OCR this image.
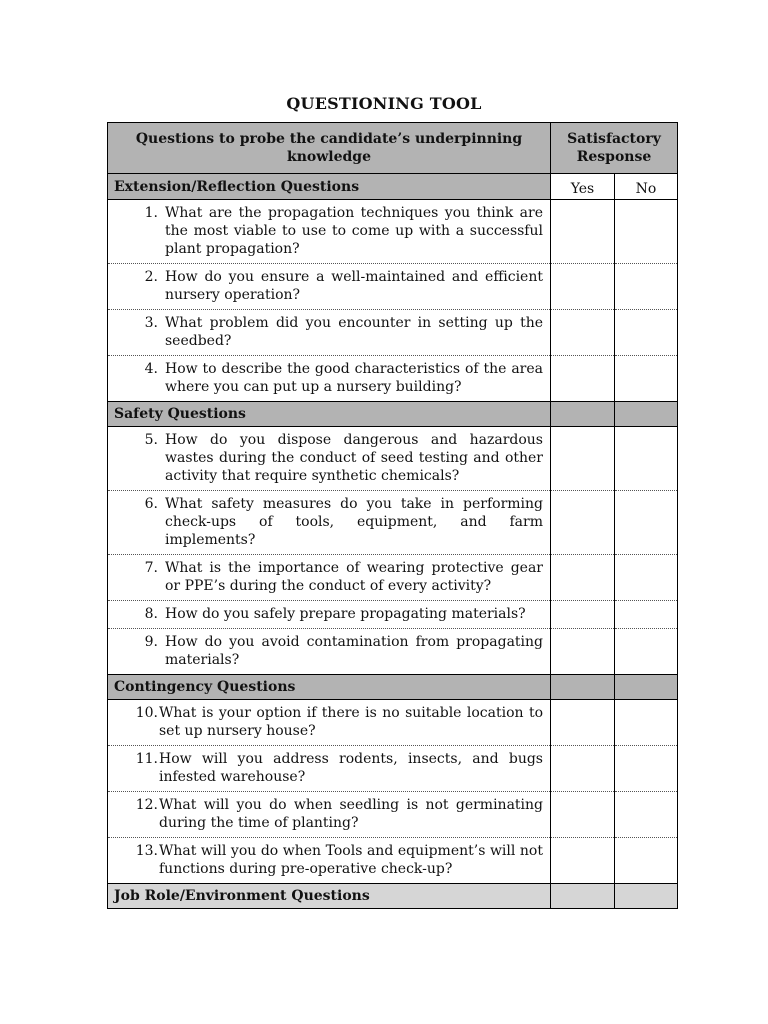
QUESTIONING TOOL
Questions to probe the candidate’s underpinning knowledge	Satisfactory Response	
Extension/Reflection Questions	Yes	No

1. What are the propagation techniques you think are the most viable to use to come up with a successful plant propagation?		

2. How do you ensure a well-maintained and efficient nursery operation?		

3. What problem did you encounter in setting up the seedbed?		

4. How to describe the good characteristics of the area where you can put up a nursery building?		

Safety Questions		

5. How do you dispose dangerous and hazardous wastes during the conduct of seed testing and other activity that require synthetic chemicals?		

6. What safety measures do you take in performing check-ups of tools, equipment, and farm implements?		

7. What is the importance of wearing protective gear or PPE’s during the conduct of every activity?		

8. How do you safely prepare propagating materials?		

9. How do you avoid contamination from propagating materials?		

Contingency Questions		

10. What is your option if there is no suitable location to set up nursery house?		

11. How will you address rodents, insects, and bugs infested warehouse?		

12. What will you do when seedling is not germinating during the time of planting?		

13. What will you do when Tools and equipment’s will not functions during pre-operative check-up?		

Job Role/Environment Questions		
